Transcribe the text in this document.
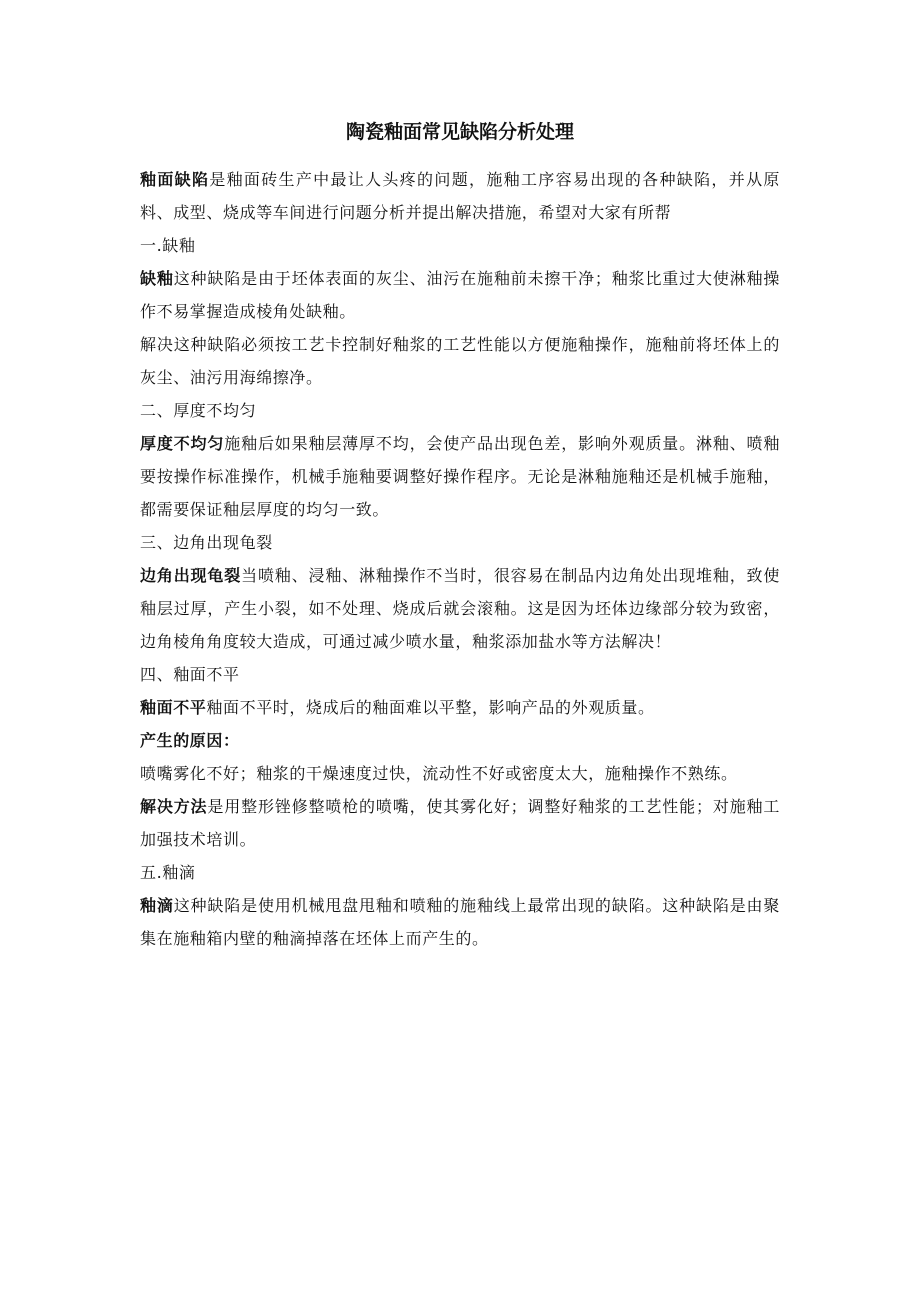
陶瓷釉面常见缺陷分析处理

釉面缺陷是釉面砖生产中最让人头疼的问题，施釉工序容易出现的各种缺陷，并从原料、成型、烧成等车间进行问题分析并提出解决措施，希望对大家有所帮

一.缺釉

缺釉这种缺陷是由于坯体表面的灰尘、油污在施釉前未擦干净；釉浆比重过大使淋釉操作不易掌握造成棱角处缺釉。

解决这种缺陷必须按工艺卡控制好釉浆的工艺性能以方便施釉操作，施釉前将坯体上的灰尘、油污用海绵擦净。

二、厚度不均匀

厚度不均匀施釉后如果釉层薄厚不均，会使产品出现色差，影响外观质量。淋釉、喷釉要按操作标准操作，机械手施釉要调整好操作程序。无论是淋釉施釉还是机械手施釉，都需要保证釉层厚度的均匀一致。

三、边角出现龟裂

边角出现龟裂当喷釉、浸釉、淋釉操作不当时，很容易在制品内边角处出现堆釉，致使釉层过厚，产生小裂，如不处理、烧成后就会滚釉。这是因为坯体边缘部分较为致密，边角棱角角度较大造成，可通过减少喷水量，釉浆添加盐水等方法解决！

四、釉面不平

釉面不平釉面不平时，烧成后的釉面难以平整，影响产品的外观质量。

产生的原因：

喷嘴雾化不好；釉浆的干燥速度过快，流动性不好或密度太大，施釉操作不熟练。

解决方法是用整形锉修整喷枪的喷嘴，使其雾化好；调整好釉浆的工艺性能；对施釉工加强技术培训。

五.釉滴

釉滴这种缺陷是使用机械甩盘甩釉和喷釉的施釉线上最常出现的缺陷。这种缺陷是由聚集在施釉箱内壁的釉滴掉落在坯体上而产生的。
